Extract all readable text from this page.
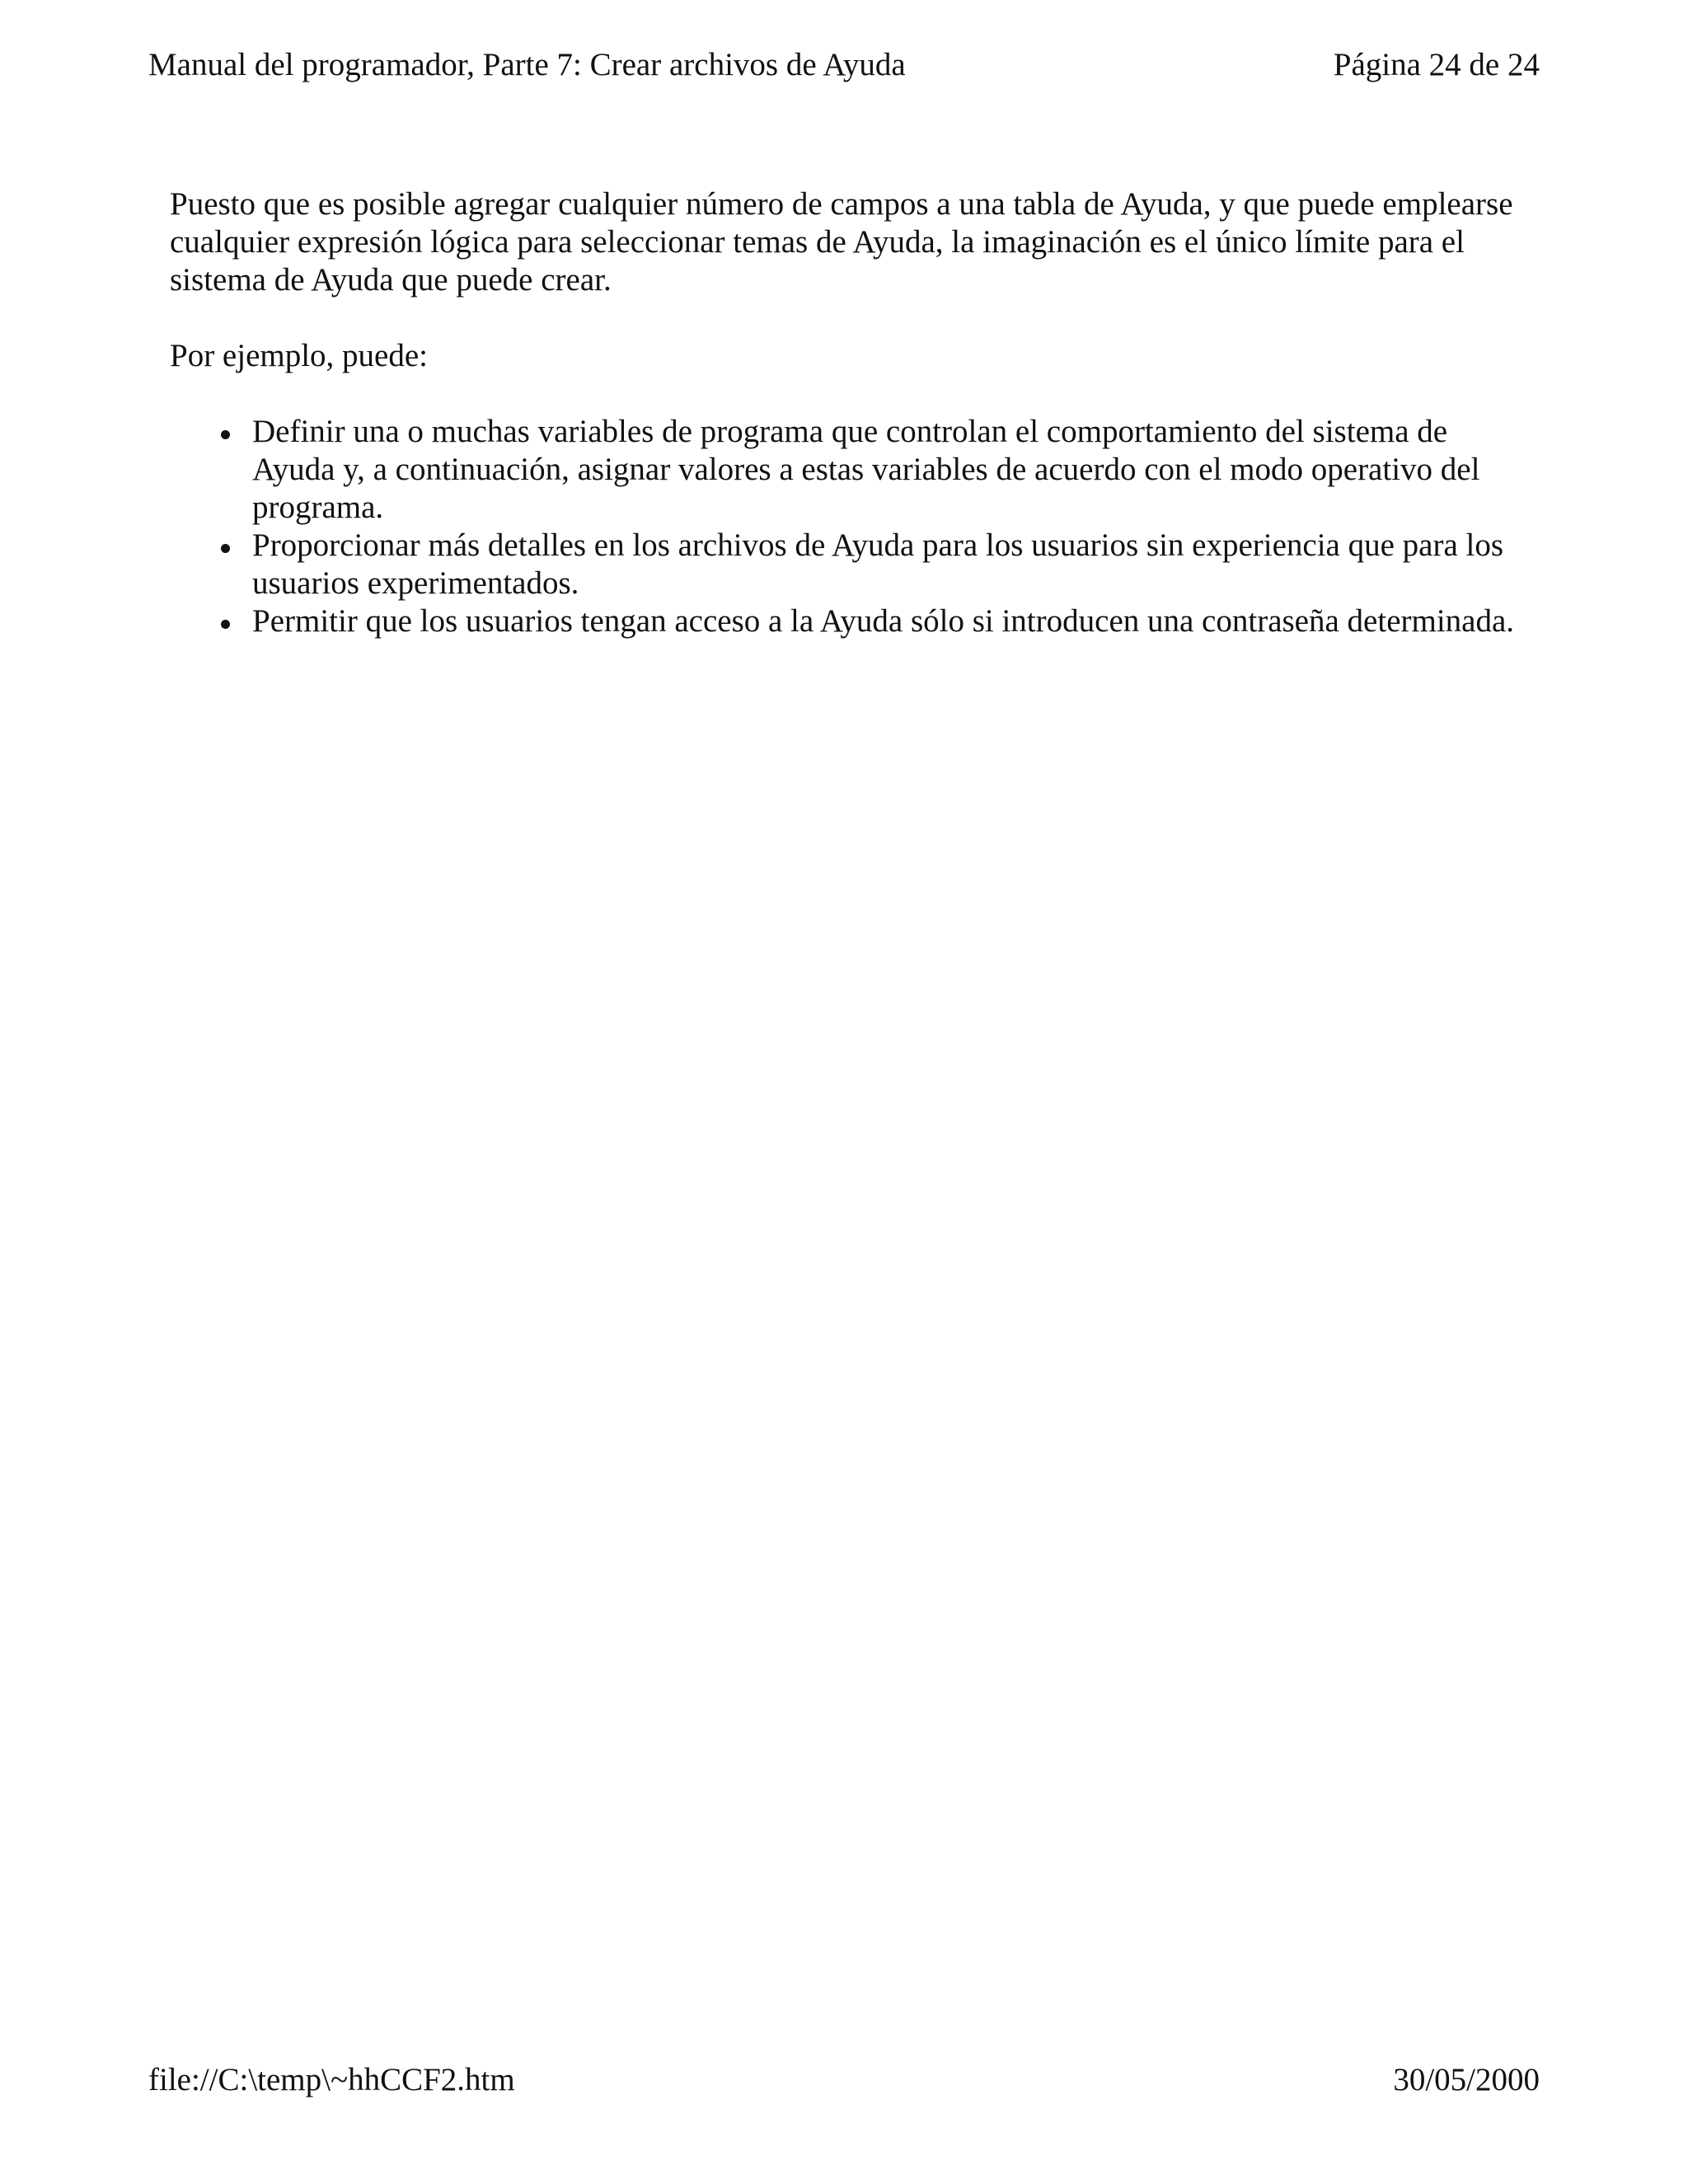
Manual del programador, Parte 7: Crear archivos de Ayuda	Página 24 de 24

Puesto que es posible agregar cualquier número de campos a una tabla de Ayuda, y que puede emplearse cualquier expresión lógica para seleccionar temas de Ayuda, la imaginación es el único límite para el sistema de Ayuda que puede crear.

Por ejemplo, puede:

Definir una o muchas variables de programa que controlan el comportamiento del sistema de Ayuda y, a continuación, asignar valores a estas variables de acuerdo con el modo operativo del programa.
Proporcionar más detalles en los archivos de Ayuda para los usuarios sin experiencia que para los usuarios experimentados.
Permitir que los usuarios tengan acceso a la Ayuda sólo si introducen una contraseña determinada.
file://C:\temp\~hhCCF2.htm	30/05/2000
